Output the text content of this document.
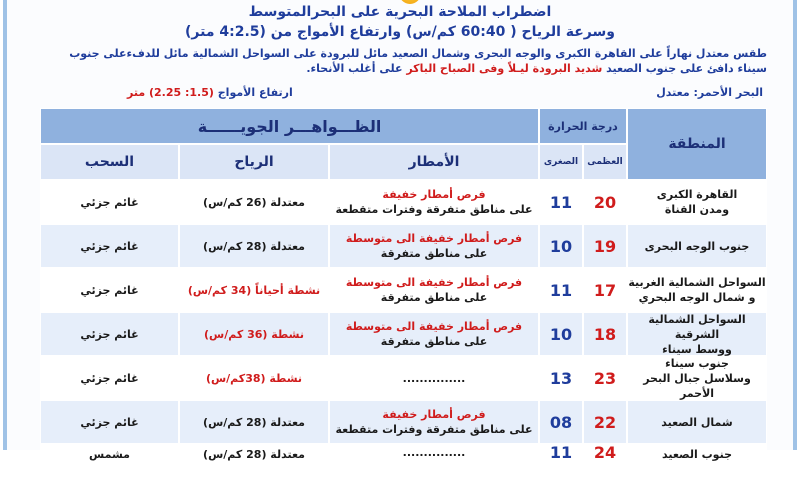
اضطراب الملاحة البحرية على البحرالمتوسط
وسرعة الرياح ( 60:40 كم/س) وارتفاع الأمواج من (4:2.5 متر)
طقس معتدل نهاراً على القاهرة الكبرى والوجه البحرى وشمال الصعيد مائل للبرودة على السواحل الشمالية مائل للدفءعلى جنوب سيناء دافئ على جنوب الصعيد شديد البرودة ليـلاً وفى الصباح الباكر على أغلب الأنحاء.
البحر الأحمر: معتدل
ارتفاع الأمواج (1.5: 2.25) متر
المنطقة
درجة الحرارة
الظـــواهـــر الجويــــــة
العظمى
الصغرى
الأمطار
الرياح
السحب
القاهرة الكبرى
ومدن القناة
20
11
فرص أمطار خفيفة
على مناطق متفرقة وفترات متقطعة
معتدلة (26 كم/س)
غائم جزئي
جنوب الوجه البحرى
19
10
فرص أمطار خفيفة الى متوسطة
على مناطق متفرقة
معتدلة (28 كم/س)
غائم جزئي
السواحل الشمالية الغربية
و شمال الوجه البحري
17
11
فرص أمطار خفيفة الى متوسطة
على مناطق متفرقة
نشطة أحياناً (34 كم/س)
غائم جزئي
السواحل الشمالية الشرقية
ووسط سيناء
18
10
فرص أمطار خفيفة الى متوسطة
على مناطق متفرقة
نشطة (36 كم/س)
غائم جزئي
جنوب سيناء
وسلاسل جبال البحر الأحمر
23
13
...............
نشطة (38كم/س)
غائم جزئي
شمال الصعيد
22
08
فرص أمطار خفيفة
على مناطق متفرقة وفترات متقطعة
معتدلة (28 كم/س)
غائم جزئي
جنوب الصعيد
24
11
...............
معتدلة (28 كم/س)
مشمس
